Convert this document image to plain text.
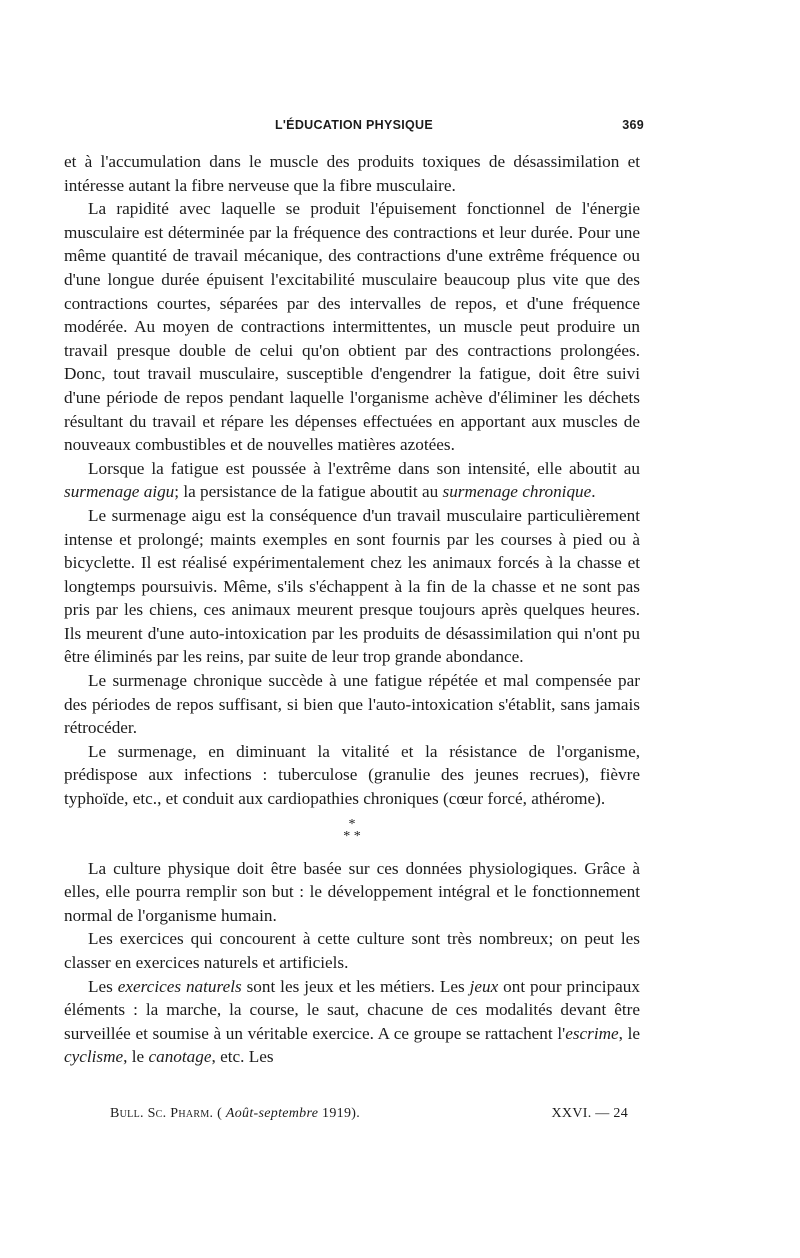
L'ÉDUCATION PHYSIQUE	369

et à l'accumulation dans le muscle des produits toxiques de désassimilation et intéresse autant la fibre nerveuse que la fibre musculaire.

La rapidité avec laquelle se produit l'épuisement fonctionnel de l'énergie musculaire est déterminée par la fréquence des contractions et leur durée. Pour une même quantité de travail mécanique, des contractions d'une extrême fréquence ou d'une longue durée épuisent l'excitabilité musculaire beaucoup plus vite que des contractions courtes, séparées par des intervalles de repos, et d'une fréquence modérée. Au moyen de contractions intermittentes, un muscle peut produire un travail presque double de celui qu'on obtient par des contractions prolongées. Donc, tout travail musculaire, susceptible d'engendrer la fatigue, doit être suivi d'une période de repos pendant laquelle l'organisme achève d'éliminer les déchets résultant du travail et répare les dépenses effectuées en apportant aux muscles de nouveaux combustibles et de nouvelles matières azotées.

Lorsque la fatigue est poussée à l'extrême dans son intensité, elle aboutit au surmenage aigu; la persistance de la fatigue aboutit au surmenage chronique.

Le surmenage aigu est la conséquence d'un travail musculaire particulièrement intense et prolongé; maints exemples en sont fournis par les courses à pied ou à bicyclette. Il est réalisé expérimentalement chez les animaux forcés à la chasse et longtemps poursuivis. Même, s'ils s'échappent à la fin de la chasse et ne sont pas pris par les chiens, ces animaux meurent presque toujours après quelques heures. Ils meurent d'une auto-intoxication par les produits de désassimilation qui n'ont pu être éliminés par les reins, par suite de leur trop grande abondance.

Le surmenage chronique succède à une fatigue répétée et mal compensée par des périodes de repos suffisant, si bien que l'auto-intoxication s'établit, sans jamais rétrocéder.

Le surmenage, en diminuant la vitalité et la résistance de l'organisme, prédispose aux infections : tuberculose (granulie des jeunes recrues), fièvre typhoïde, etc., et conduit aux cardiopathies chroniques (cœur forcé, athérome).

*
* *

La culture physique doit être basée sur ces données physiologiques. Grâce à elles, elle pourra remplir son but : le développement intégral et le fonctionnement normal de l'organisme humain.

Les exercices qui concourent à cette culture sont très nombreux; on peut les classer en exercices naturels et artificiels.

Les exercices naturels sont les jeux et les métiers. Les jeux ont pour principaux éléments : la marche, la course, le saut, chacune de ces modalités devant être surveillée et soumise à un véritable exercice. A ce groupe se rattachent l'escrime, le cyclisme, le canotage, etc. Les

Bull. Sc. Pharm. ( Août-septembre 1919).	XXVI. — 24
